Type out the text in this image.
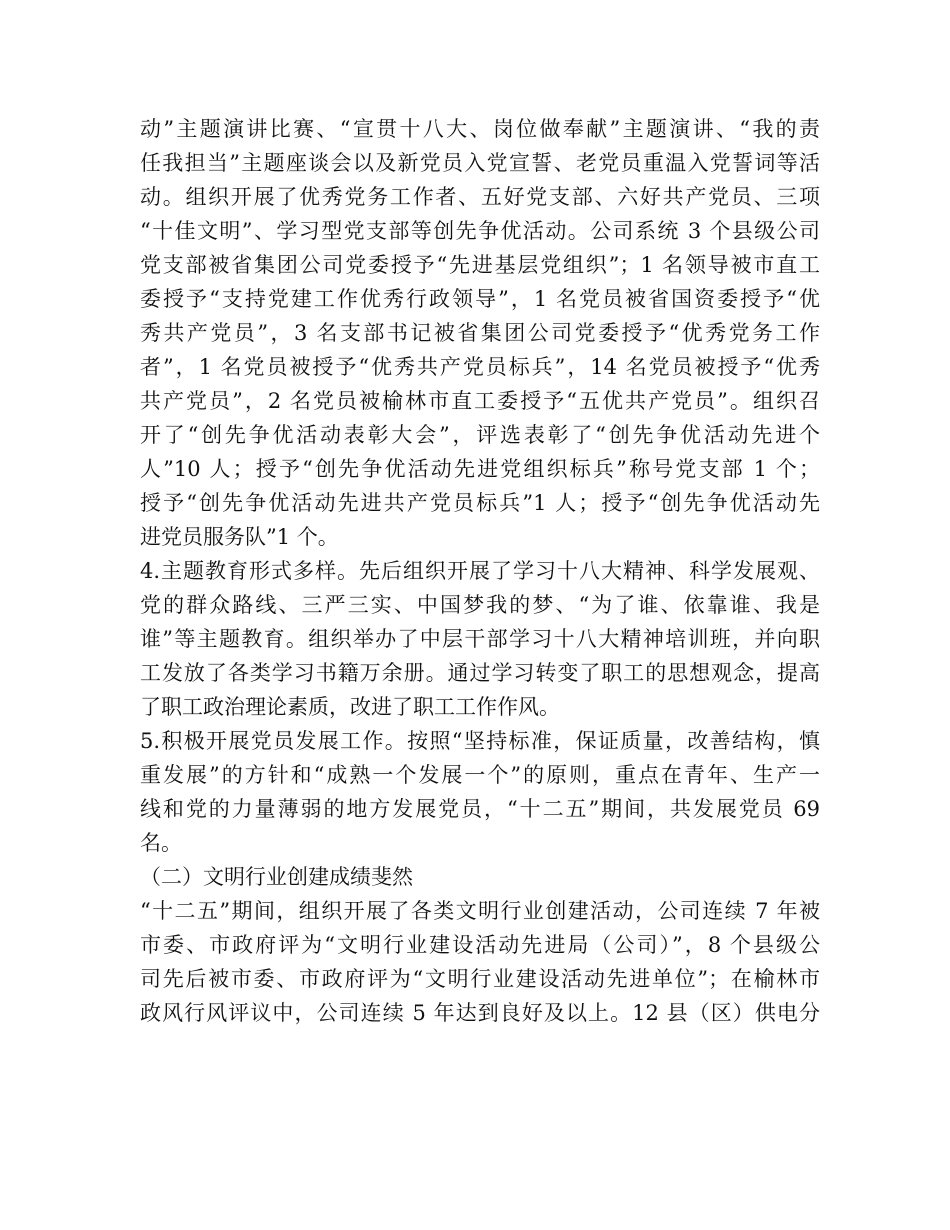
动”主题演讲比赛、“宣贯十八大、岗位做奉献”主题演讲、“我的责
任我担当”主题座谈会以及新党员入党宣誓、老党员重温入党誓词等活
动。组织开展了优秀党务工作者、五好党支部、六好共产党员、三项
“十佳文明”、学习型党支部等创先争优活动。公司系统 3 个县级公司
党支部被省集团公司党委授予“先进基层党组织”；1 名领导被市直工
委授予“支持党建工作优秀行政领导”，1 名党员被省国资委授予“优
秀共产党员”，3 名支部书记被省集团公司党委授予“优秀党务工作
者”，1 名党员被授予“优秀共产党员标兵”，14 名党员被授予“优秀
共产党员”，2 名党员被榆林市直工委授予“五优共产党员”。组织召
开了“创先争优活动表彰大会”，评选表彰了“创先争优活动先进个
人”10 人；授予“创先争优活动先进党组织标兵”称号党支部 1 个；
授予“创先争优活动先进共产党员标兵”1 人；授予“创先争优活动先
进党员服务队”1 个。
4.主题教育形式多样。先后组织开展了学习十八大精神、科学发展观、
党的群众路线、三严三实、中国梦我的梦、“为了谁、依靠谁、我是
谁”等主题教育。组织举办了中层干部学习十八大精神培训班，并向职
工发放了各类学习书籍万余册。通过学习转变了职工的思想观念，提高
了职工政治理论素质，改进了职工工作作风。
5.积极开展党员发展工作。按照“坚持标准，保证质量，改善结构，慎
重发展”的方针和“成熟一个发展一个”的原则，重点在青年、生产一
线和党的力量薄弱的地方发展党员，“十二五”期间，共发展党员 69
名。
（二）文明行业创建成绩斐然
“十二五”期间，组织开展了各类文明行业创建活动，公司连续 7 年被
市委、市政府评为“文明行业建设活动先进局（公司）”，8 个县级公
司先后被市委、市政府评为“文明行业建设活动先进单位”；在榆林市
政风行风评议中，公司连续 5 年达到良好及以上。12 县（区）供电分
